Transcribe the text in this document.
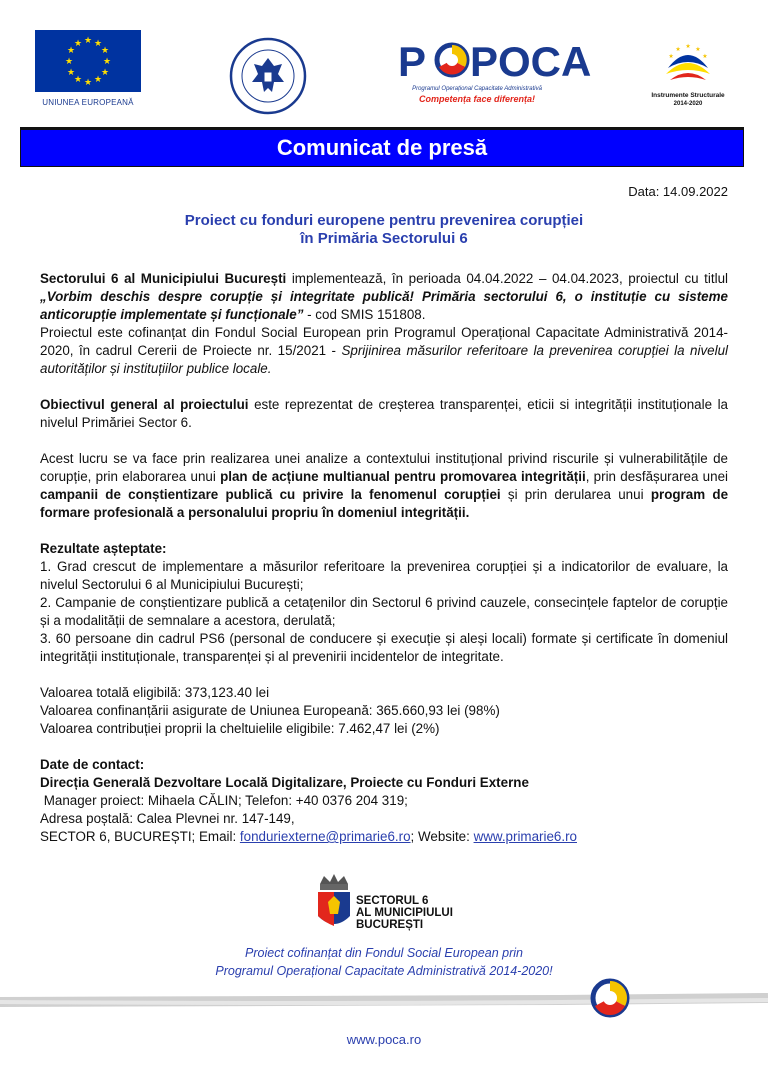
★ ★
★
★
★
★
★
★
★
★
★
★
UNIUNEA EUROPEANĂ
P POCA
Programul Operațional Capacitate Administrativă
Competența face diferența!
★
★ ★
★	★
Instrumente Structurale
2014-2020
Comunicat de presă
Data: 14.09.2022
Proiect cu fonduri europene pentru prevenirea corupției
în Primăria Sectorului 6

Sectorului 6 al Municipiului București implementează, în perioada 04.04.2022 – 04.04.2023, proiectul cu titlul „Vorbim deschis despre corupție și integritate publică! Primăria sectorului 6, o instituție cu sisteme anticorupție implementate și funcționale” - cod SMIS 151808.

Proiectul este cofinanțat din Fondul Social European prin Programul Operațional Capacitate Administrativă 2014-2020, în cadrul Cererii de Proiecte nr. 15/2021 - Sprijinirea măsurilor referitoare la prevenirea corupției la nivelul autorităților și instituțiilor publice locale.

Obiectivul general al proiectului este reprezentat de creșterea transparenței, eticii si integrității instituționale la nivelul Primăriei Sector 6.

Acest lucru se va face prin realizarea unei analize a contextului instituțional privind riscurile și vulnerabilitățile de corupție, prin elaborarea unui plan de acțiune multianual pentru promovarea integrității, prin desfășurarea unei campanii de conștientizare publică cu privire la fenomenul corupției și prin derularea unui program de formare profesională a personalului propriu în domeniul integrității.

Rezultate așteptate:

1. Grad crescut de implementare a măsurilor referitoare la prevenirea corupției și a indicatorilor de evaluare, la nivelul Sectorului 6 al Municipiului București;

2. Campanie de conștientizare publică a cetațenilor din Sectorul 6 privind cauzele, consecințele faptelor de corupție și a modalității de semnalare a acestora, derulată;

3. 60 persoane din cadrul PS6 (personal de conducere și execuție și aleși locali) formate și certificate în domeniul integrității instituționale, transparenței și al prevenirii incidentelor de integritate.

Valoarea totală eligibilă: 373,123.40 lei

Valoarea confinanțării asigurate de Uniunea Europeană: 365.660,93 lei (98%)

Valoarea contribuției proprii la cheltuielile eligibile: 7.462,47 lei (2%)

Date de contact:

Direcția Generală Dezvoltare Locală Digitalizare, Proiecte cu Fonduri Externe

Manager proiect: Mihaela CĂLIN; Telefon: +40 0376 204 319;

Adresa poștală: Calea Plevnei nr. 147-149,

SECTOR 6, BUCUREȘTI; Email: fonduriexterne@primarie6.ro; Website: www.primarie6.ro

SECTORUL 6
AL MUNICIPIULUI
BUCUREȘTI
Proiect cofinanțat din Fondul Social European prin
Programul Operațional Capacitate Administrativă 2014-2020!
www.poca.ro
